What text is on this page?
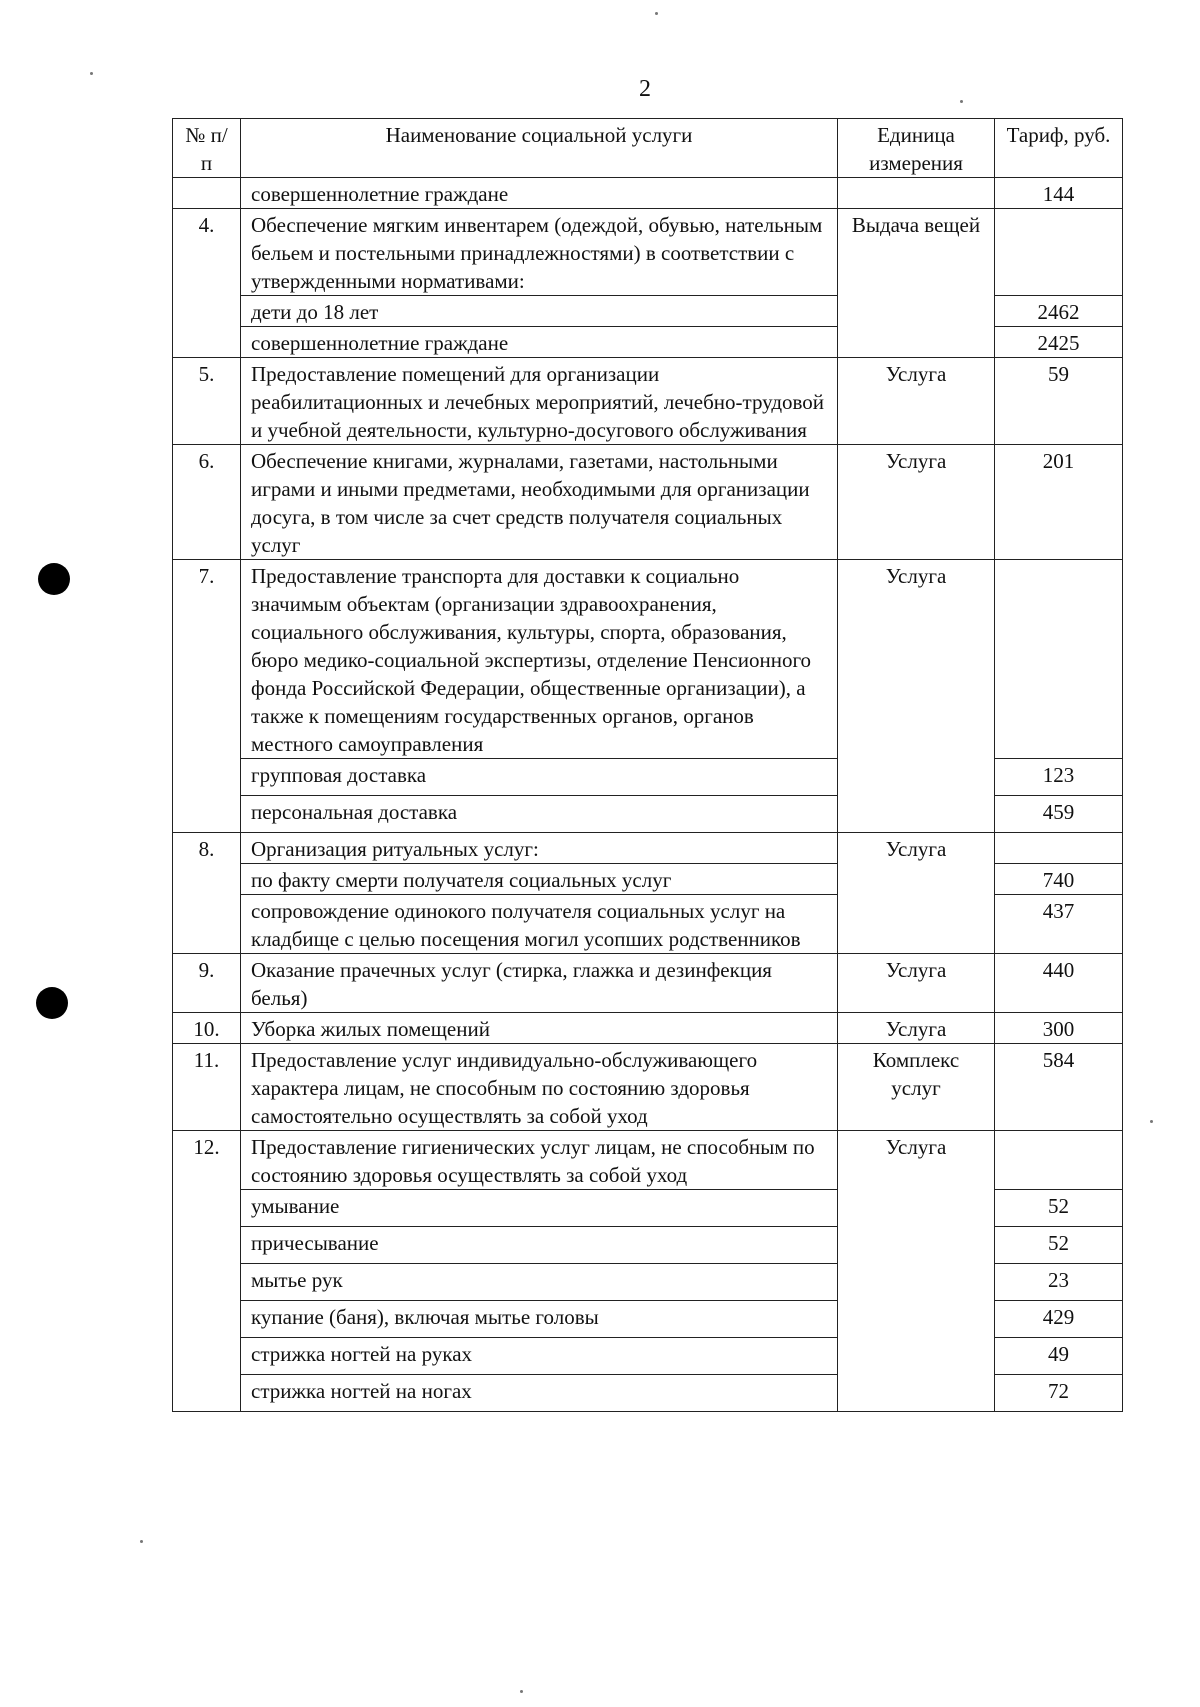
2
№ п/п	Наименование социальной услуги	Единица измерения	Тариф, руб.
	совершеннолетние граждане		144
4.	Обеспечение мягким инвентарем (одеждой, обувью, нательным бельем и постельными принадлежностями) в соответствии с утвержденными нормативами:	Выдача вещей	
	дети до 18 лет		2462
	совершеннолетние граждане		2425
5.	Предоставление помещений для организации реабилитационных и лечебных мероприятий, лечебно-трудовой и учебной деятельности, культурно-досугового обслуживания	Услуга	59
6.	Обеспечение книгами, журналами, газетами, настольными играми и иными предметами, необходимыми для организации досуга, в том числе за счет средств получателя социальных услуг	Услуга	201
7.	Предоставление транспорта для доставки к социально значимым объектам (организации здравоохранения, социального обслуживания, культуры, спорта, образования, бюро медико-социальной экспертизы, отделение Пенсионного фонда Российской Федерации, общественные организации), а также к помещениям государственных органов, органов местного самоуправления	Услуга	
	групповая доставка		123
	персональная доставка		459
8.	Организация ритуальных услуг:	Услуга	
	по факту смерти получателя социальных услуг		740
	сопровождение одинокого получателя социальных услуг на кладбище с целью посещения могил усопших родственников		437
9.	Оказание прачечных услуг (стирка, глажка и дезинфекция белья)	Услуга	440
10.	Уборка жилых помещений	Услуга	300
11.	Предоставление услуг индивидуально-обслуживающего характера лицам, не способным по состоянию здоровья самостоятельно осуществлять за собой уход	Комплекс услуг	584
12.	Предоставление гигиенических услуг лицам, не способным по состоянию здоровья осуществлять за собой уход	Услуга	
	умывание		52
	причесывание		52
	мытье рук		23
	купание (баня), включая мытье головы		429
	стрижка ногтей на руках		49
	стрижка ногтей на ногах		72
